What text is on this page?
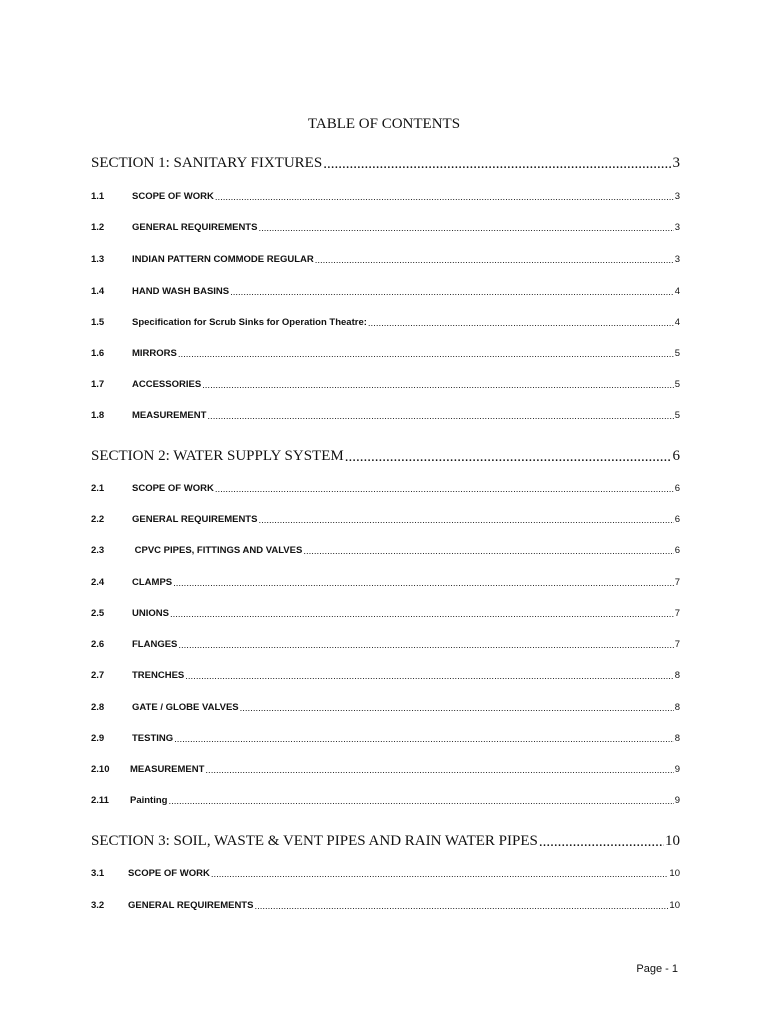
TABLE OF CONTENTS
SECTION 1: SANITARY FIXTURES .....	3
1.1	SCOPE OF WORK .....	3
1.2	GENERAL REQUIREMENTS .....	3
1.3	INDIAN PATTERN COMMODE REGULAR .....	3
1.4	HAND WASH BASINS .....	4
1.5	Specification for Scrub Sinks for Operation Theatre: .....	4
1.6	MIRRORS .....	5
1.7	ACCESSORIES .....	5
1.8	MEASUREMENT .....	5
SECTION 2: WATER SUPPLY SYSTEM .....	6
2.1	SCOPE OF WORK .....	6
2.2	GENERAL REQUIREMENTS .....	6
2.3	CPVC PIPES, FITTINGS AND VALVES .....	6
2.4	CLAMPS .....	7
2.5	UNIONS .....	7
2.6	FLANGES .....	7
2.7	TRENCHES .....	8
2.8	GATE / GLOBE VALVES .....	8
2.9	TESTING .....	8
2.10	MEASUREMENT .....	9
2.11	Painting .....	9
SECTION 3: SOIL, WASTE & VENT PIPES AND RAIN WATER PIPES .....	10
3.1	SCOPE OF WORK .....	10
3.2	GENERAL REQUIREMENTS .....	10
Page - 1
